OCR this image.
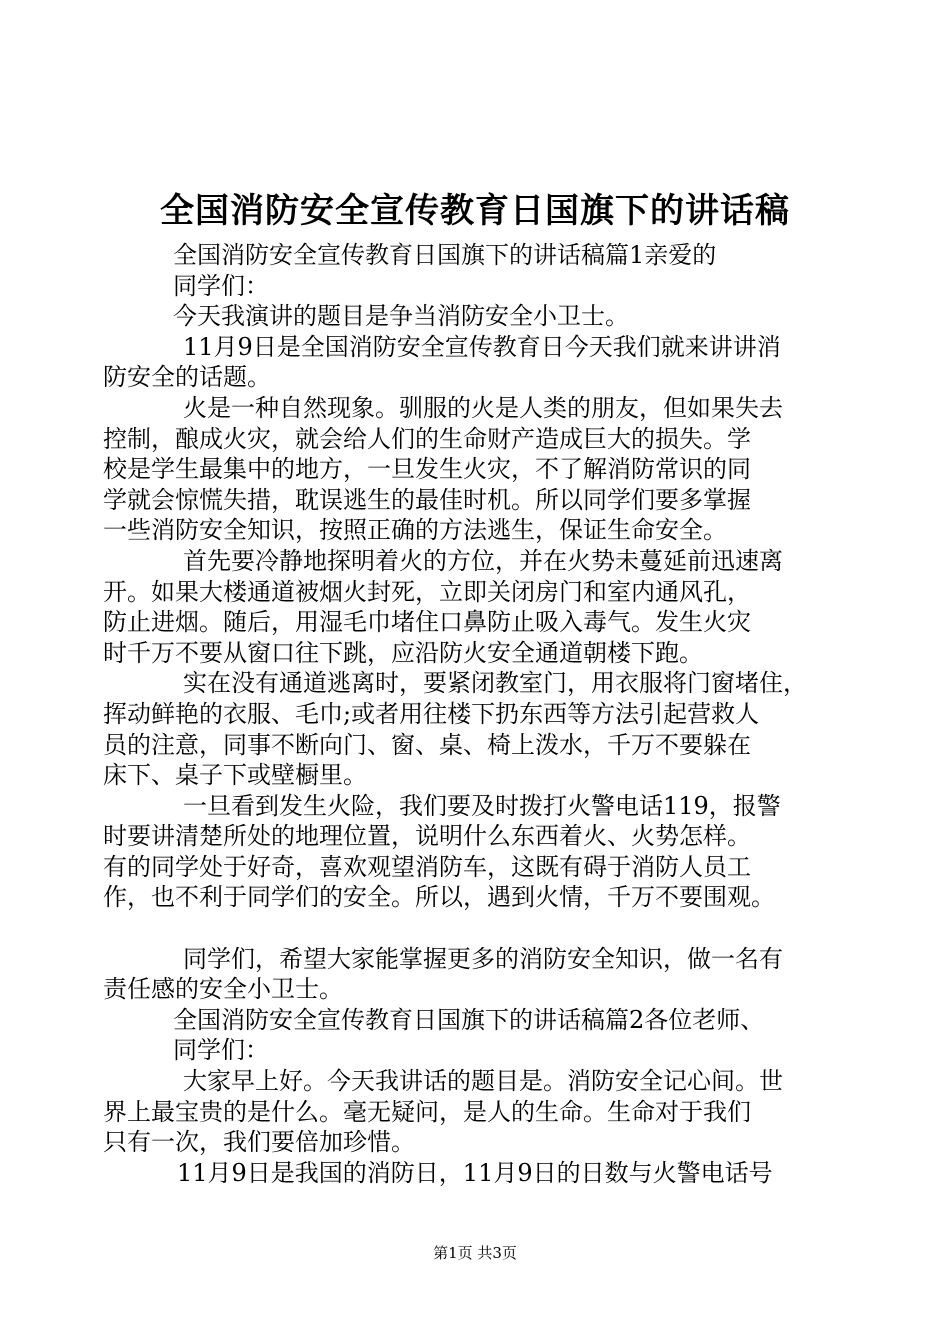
全国消防安全宣传教育日国旗下的讲话稿
全国消防安全宣传教育日国旗下的讲话稿篇1亲爱的
同学们：
今天我演讲的题目是争当消防安全小卫士。
11月9日是全国消防安全宣传教育日今天我们就来讲讲消
防安全的话题。
火是一种自然现象。驯服的火是人类的朋友，但如果失去
控制，酿成火灾，就会给人们的生命财产造成巨大的损失。学
校是学生最集中的地方，一旦发生火灾，不了解消防常识的同
学就会惊慌失措，耽误逃生的最佳时机。所以同学们要多掌握
一些消防安全知识，按照正确的方法逃生，保证生命安全。
首先要冷静地探明着火的方位，并在火势未蔓延前迅速离
开。如果大楼通道被烟火封死，立即关闭房门和室内通风孔，
防止进烟。随后，用湿毛巾堵住口鼻防止吸入毒气。发生火灾
时千万不要从窗口往下跳，应沿防火安全通道朝楼下跑。
实在没有通道逃离时，要紧闭教室门，用衣服将门窗堵住，
挥动鲜艳的衣服、毛巾;或者用往楼下扔东西等方法引起营救人
员的注意，同事不断向门、窗、桌、椅上泼水，千万不要躲在
床下、桌子下或壁橱里。
一旦看到发生火险，我们要及时拨打火警电话119，报警
时要讲清楚所处的地理位置，说明什么东西着火、火势怎样。
有的同学处于好奇，喜欢观望消防车，这既有碍于消防人员工
作，也不利于同学们的安全。所以，遇到火情，千万不要围观。
同学们，希望大家能掌握更多的消防安全知识，做一名有
责任感的安全小卫士。
全国消防安全宣传教育日国旗下的讲话稿篇2各位老师、
同学们：
大家早上好。今天我讲话的题目是。消防安全记心间。世
界上最宝贵的是什么。毫无疑问，是人的生命。生命对于我们
只有一次，我们要倍加珍惜。
11月9日是我国的消防日，11月9日的日数与火警电话号
第1页 共3页
